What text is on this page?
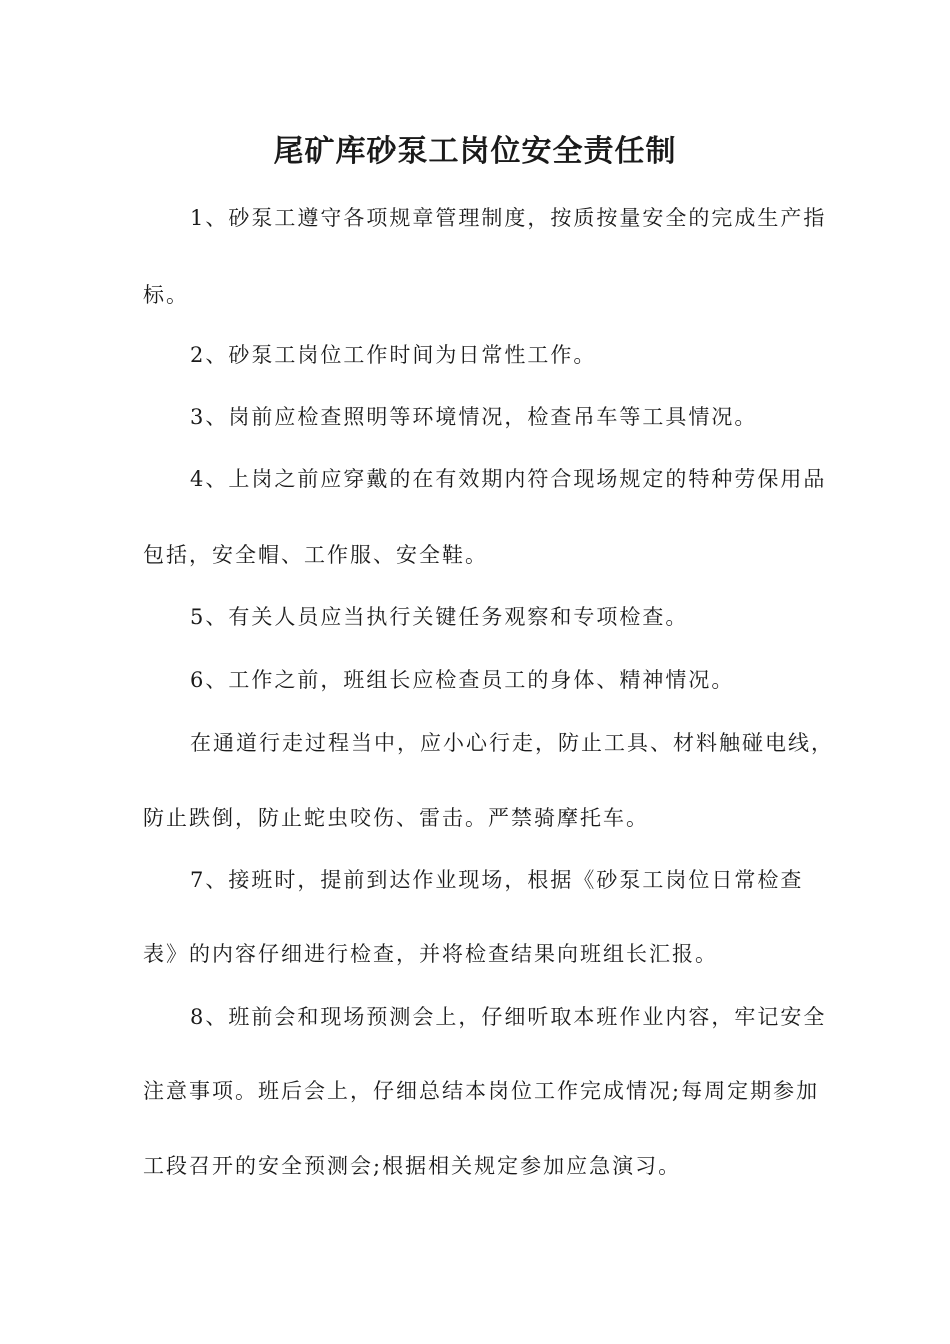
尾矿库砂泵工岗位安全责任制
1、砂泵工遵守各项规章管理制度，按质按量安全的完成生产指
标。
2、砂泵工岗位工作时间为日常性工作。
3、岗前应检查照明等环境情况，检查吊车等工具情况。
4、上岗之前应穿戴的在有效期内符合现场规定的特种劳保用品
包括，安全帽、工作服、安全鞋。
5、有关人员应当执行关键任务观察和专项检查。
6、工作之前，班组长应检查员工的身体、精神情况。
在通道行走过程当中，应小心行走，防止工具、材料触碰电线，
防止跌倒，防止蛇虫咬伤、雷击。严禁骑摩托车。
7、接班时，提前到达作业现场，根据《砂泵工岗位日常检查
表》的内容仔细进行检查，并将检查结果向班组长汇报。
8、班前会和现场预测会上，仔细听取本班作业内容，牢记安全
注意事项。班后会上，仔细总结本岗位工作完成情况;每周定期参加
工段召开的安全预测会;根据相关规定参加应急演习。
